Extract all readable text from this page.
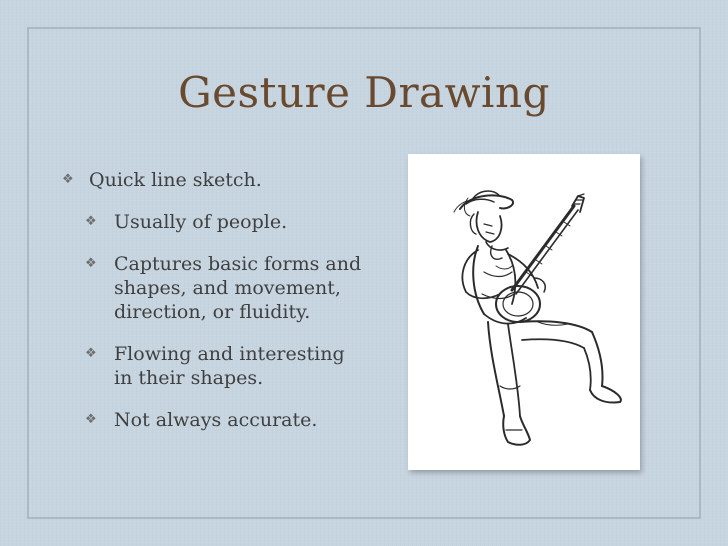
Gesture Drawing
❖ Quick line sketch.
❖ Usually of people.
❖ Captures basic forms and shapes, and movement, direction, or fluidity.
❖ Flowing and interesting in their shapes.
❖ Not always accurate.
